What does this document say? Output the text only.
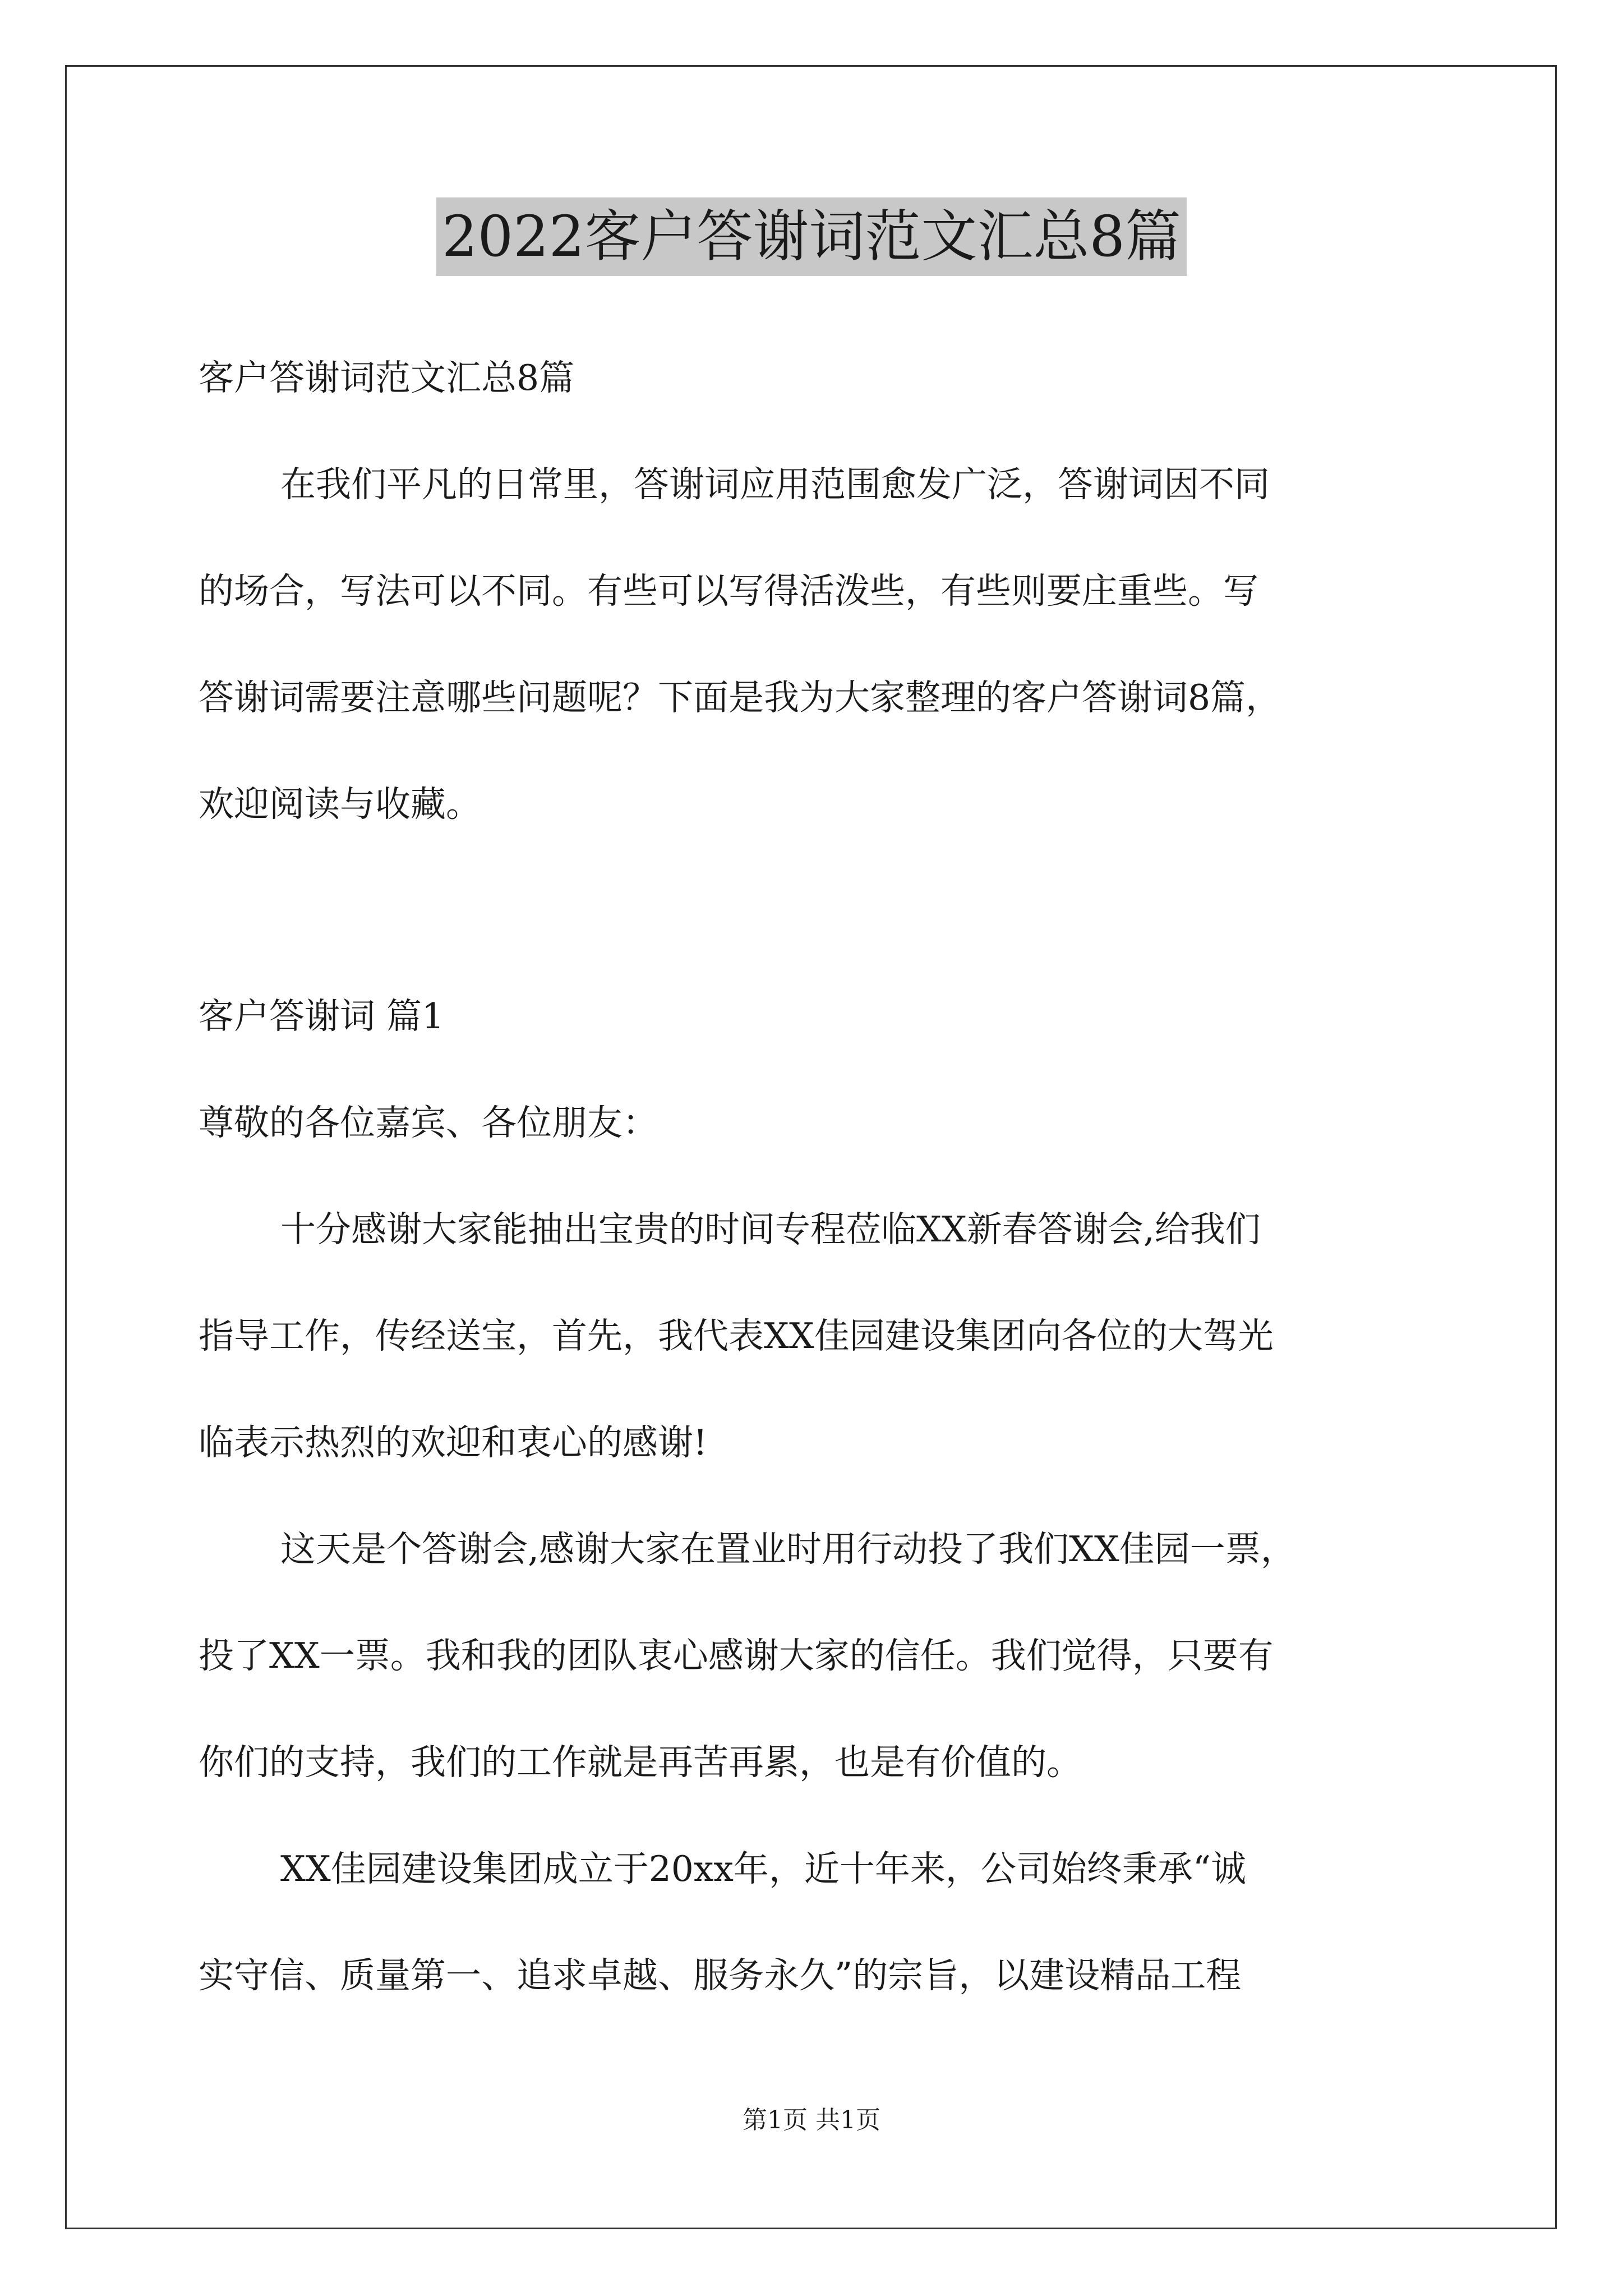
2022客户答谢词范文汇总8篇

客户答谢词范文汇总8篇

在我们平凡的日常里，答谢词应用范围愈发广泛，答谢词因不同

的场合，写法可以不同。有些可以写得活泼些，有些则要庄重些。写

答谢词需要注意哪些问题呢？下面是我为大家整理的客户答谢词8篇，

欢迎阅读与收藏。

客户答谢词 篇1

尊敬的各位嘉宾、各位朋友：

十分感谢大家能抽出宝贵的时间专程莅临XX新春答谢会,给我们

指导工作，传经送宝，首先，我代表XX佳园建设集团向各位的大驾光

临表示热烈的欢迎和衷心的感谢!

这天是个答谢会,感谢大家在置业时用行动投了我们XX佳园一票，

投了XX一票。我和我的团队衷心感谢大家的信任。我们觉得，只要有

你们的支持，我们的工作就是再苦再累，也是有价值的。

XX佳园建设集团成立于20xx年，近十年来，公司始终秉承“诚

实守信、质量第一、追求卓越、服务永久”的宗旨，以建设精品工程

第1页 共1页
